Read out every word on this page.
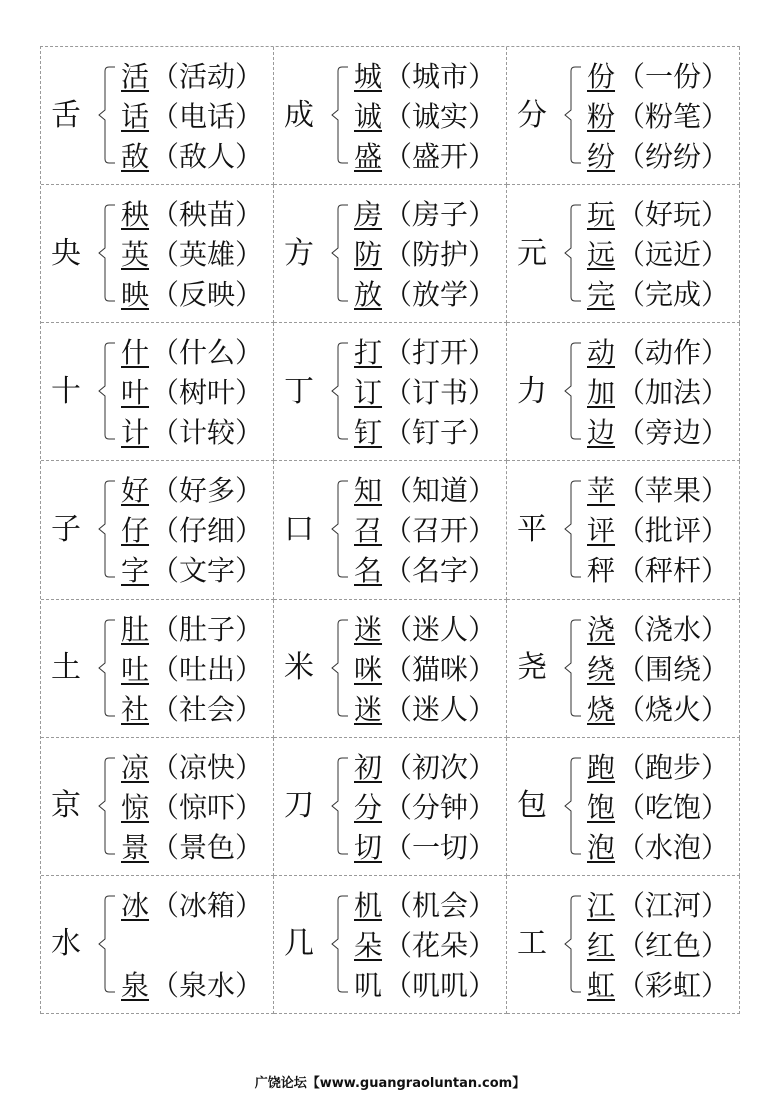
舌
活（活动）
话（电话）
敌（敌人）
成
城（城市）
诚（诚实）
盛（盛开）
分
份（一份）
粉（粉笔）
纷（纷纷）
央
秧（秧苗）
英（英雄）
映（反映）
方
房（房子）
防（防护）
放（放学）
元
玩（好玩）
远（远近）
完（完成）
十
什（什么）
叶（树叶）
计（计较）
丁
打（打开）
订（订书）
钉（钉子）
力
动（动作）
加（加法）
边（旁边）
子
好（好多）
仔（仔细）
字（文字）
口
知（知道）
召（召开）
名（名字）
平
苹（苹果）
评（批评）
秤（秤杆）
土
肚（肚子）
吐（吐出）
社（社会）
米
迷（迷人）
咪（猫咪）
迷（迷人）
尧
浇（浇水）
绕（围绕）
烧（烧火）
京
凉（凉快）
惊（惊吓）
景（景色）
刀
初（初次）
分（分钟）
切（一切）
包
跑（跑步）
饱（吃饱）
泡（水泡）
水
冰（冰箱）
泉（泉水）
几
机（机会）
朵（花朵）
叽（叽叽）
工
江（江河）
红（红色）
虹（彩虹）
广饶论坛【www.guangraoluntan.com】
